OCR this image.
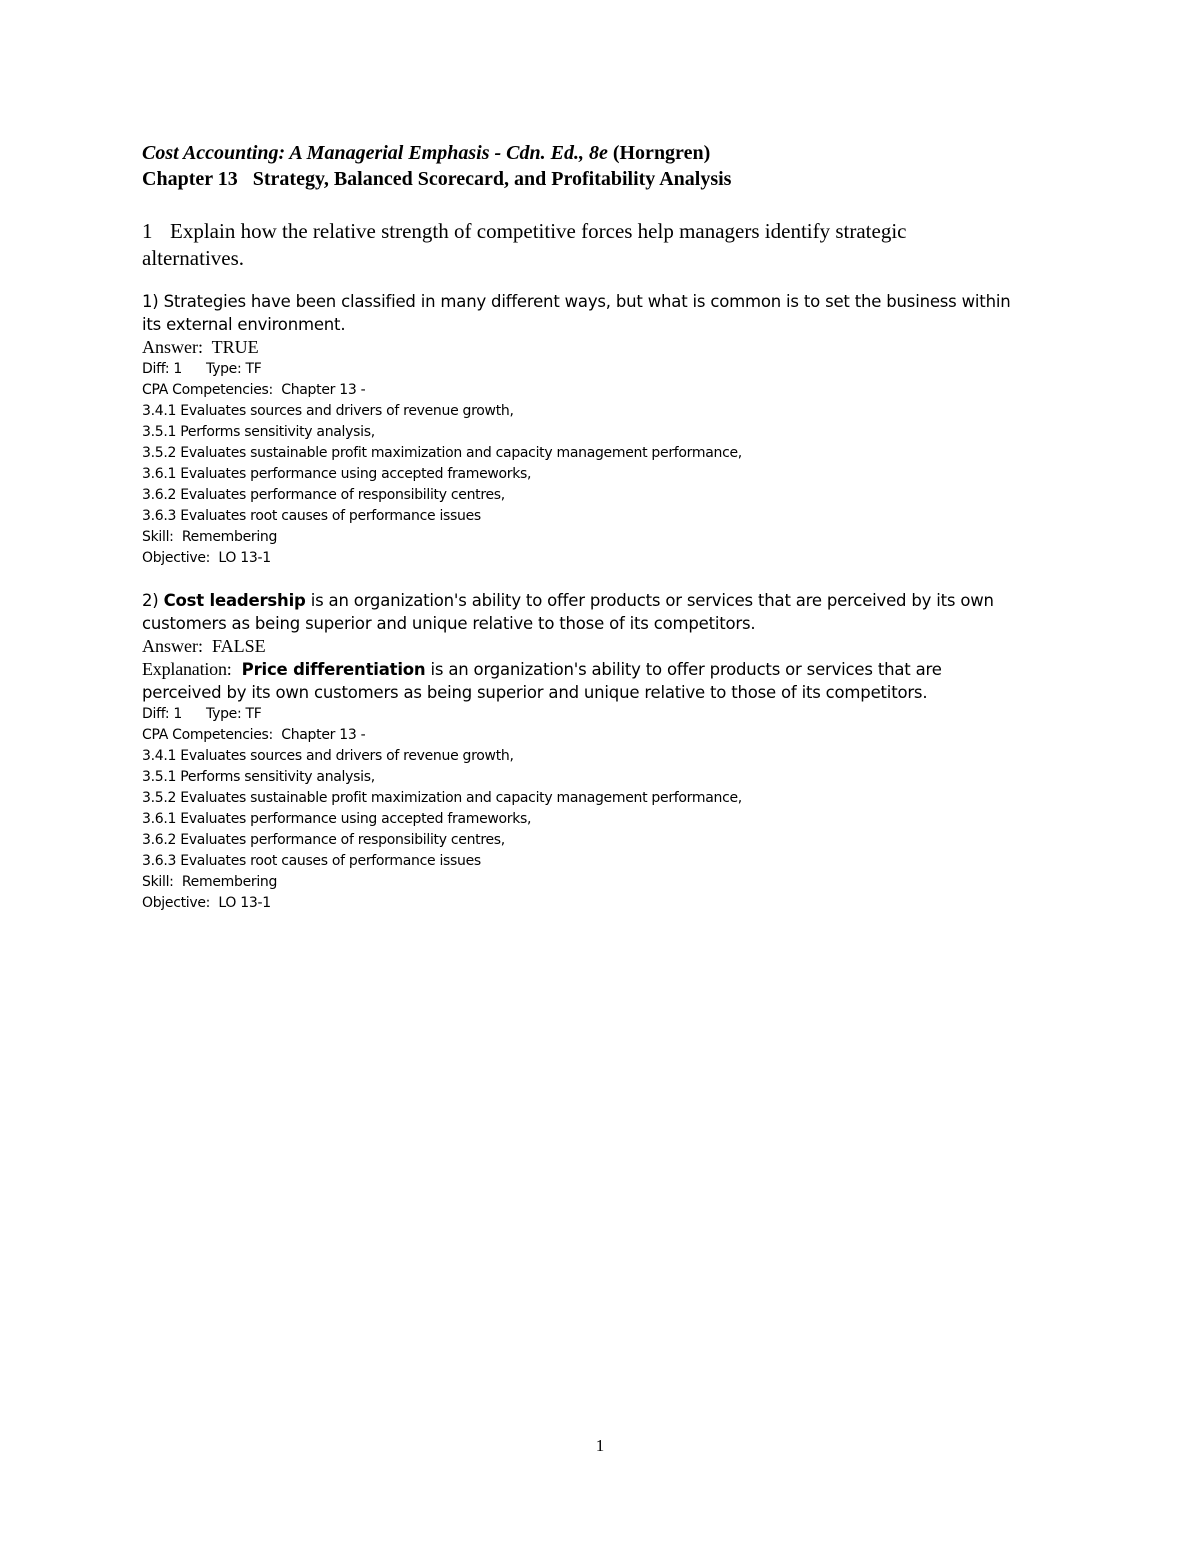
Cost Accounting: A Managerial Emphasis - Cdn. Ed., 8e (Horngren)

Chapter 13   Strategy, Balanced Scorecard, and Profitability Analysis

1 Explain how the relative strength of competitive forces help managers identify strategic
alternatives.

1) Strategies have been classified in many different ways, but what is common is to set the business within

its external environment.

Answer:  TRUE

Diff: 1 Type: TF

CPA Competencies:  Chapter 13 -

3.4.1 Evaluates sources and drivers of revenue growth,

3.5.1 Performs sensitivity analysis,

3.5.2 Evaluates sustainable profit maximization and capacity management performance,

3.6.1 Evaluates performance using accepted frameworks,

3.6.2 Evaluates performance of responsibility centres,

3.6.3 Evaluates root causes of performance issues

Skill:  Remembering

Objective:  LO 13-1

2) Cost leadership is an organization's ability to offer products or services that are perceived by its own

customers as being superior and unique relative to those of its competitors.

Answer:  FALSE

Explanation: Price differentiation is an organization's ability to offer products or services that are

perceived by its own customers as being superior and unique relative to those of its competitors.

Diff: 1 Type: TF

CPA Competencies:  Chapter 13 -

3.4.1 Evaluates sources and drivers of revenue growth,

3.5.1 Performs sensitivity analysis,

3.5.2 Evaluates sustainable profit maximization and capacity management performance,

3.6.1 Evaluates performance using accepted frameworks,

3.6.2 Evaluates performance of responsibility centres,

3.6.3 Evaluates root causes of performance issues

Skill:  Remembering

Objective:  LO 13-1

1
